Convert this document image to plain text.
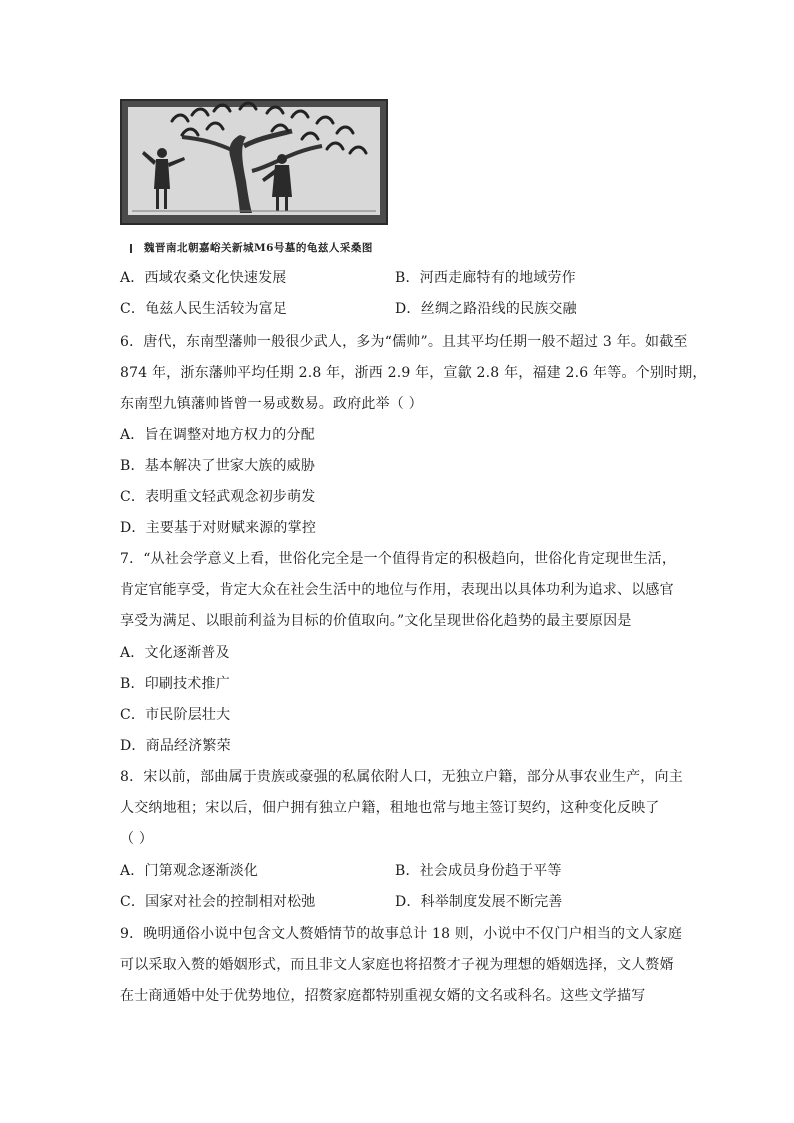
魏晋南北朝嘉峪关新城M6号墓的龟兹人采桑图
A．西域农桑文化快速发展	B．河西走廊特有的地域劳作
C．龟兹人民生活较为富足	D．丝绸之路沿线的民族交融
6．唐代，东南型藩帅一般很少武人，多为“儒帅”。且其平均任期一般不超过 3 年。如截至
874 年，浙东藩帅平均任期 2.8 年，浙西 2.9 年，宣歙 2.8 年，福建 2.6 年等。个别时期，
东南型九镇藩帅皆曾一易或数易。政府此举（ ）
A．旨在调整对地方权力的分配
B．基本解决了世家大族的威胁
C．表明重文轻武观念初步萌发
D．主要基于对财赋来源的掌控
7．“从社会学意义上看，世俗化完全是一个值得肯定的积极趋向，世俗化肯定现世生活，
肯定官能享受，肯定大众在社会生活中的地位与作用，表现出以具体功利为追求、以感官
享受为满足、以眼前利益为目标的价值取向。”文化呈现世俗化趋势的最主要原因是
A．文化逐渐普及
B．印刷技术推广
C．市民阶层壮大
D．商品经济繁荣
8．宋以前，部曲属于贵族或豪强的私属依附人口，无独立户籍，部分从事农业生产，向主
人交纳地租；宋以后，佃户拥有独立户籍，租地也常与地主签订契约，这种变化反映了
（ ）
A．门第观念逐渐淡化	B．社会成员身份趋于平等
C．国家对社会的控制相对松弛	D．科举制度发展不断完善
9．晚明通俗小说中包含文人赘婚情节的故事总计 18 则，小说中不仅门户相当的文人家庭
可以采取入赘的婚姻形式，而且非文人家庭也将招赘才子视为理想的婚姻选择，文人赘婿
在士商通婚中处于优势地位，招赘家庭都特别重视女婿的文名或科名。这些文学描写
